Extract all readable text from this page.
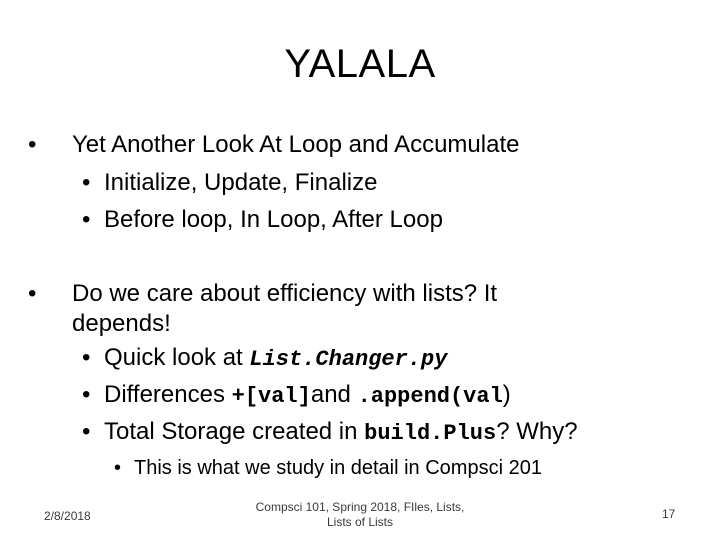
YALALA
• Yet Another Look At Loop and Accumulate
• Initialize, Update, Finalize
• Before loop, In Loop, After Loop
• Do we care about efficiency with lists? It
depends!
• Quick look at List.Changer.py
• Differences +[val]and .append(val)
• Total Storage created in build.Plus? Why?
• This is what we study in detail in Compsci 201
2/8/2018
Compsci 101, Spring 2018, FIles, Lists,
Lists of Lists
17
